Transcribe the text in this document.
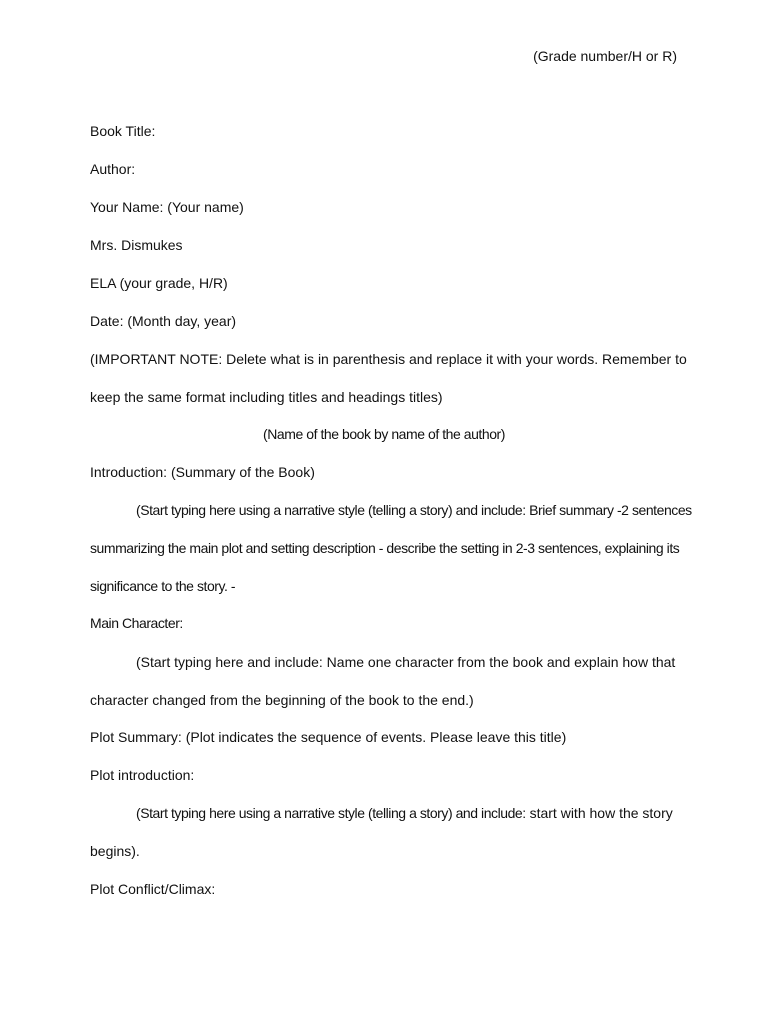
(Grade number/H or R)
Book Title:
Author:
Your Name: (Your name)
Mrs. Dismukes
ELA (your grade, H/R)
Date: (Month day, year)
(IMPORTANT NOTE: Delete what is in parenthesis and replace it with your words. Remember to
keep the same format including titles and headings titles)
(Name of the book by name of the author)
Introduction: (Summary of the Book)
(Start typing here using a narrative style (telling a story) and include: Brief summary -2 sentences
summarizing the main plot and setting description - describe the setting in 2-3 sentences, explaining its
significance to the story. -
Main Character:
(Start typing here and include: Name one character from the book and explain how that
character changed from the beginning of the book to the end.)
Plot Summary: (Plot indicates the sequence of events. Please leave this title)
Plot introduction:
(Start typing here using a narrative style (telling a story) and include: start with how the story
begins).
Plot Conflict/Climax:
